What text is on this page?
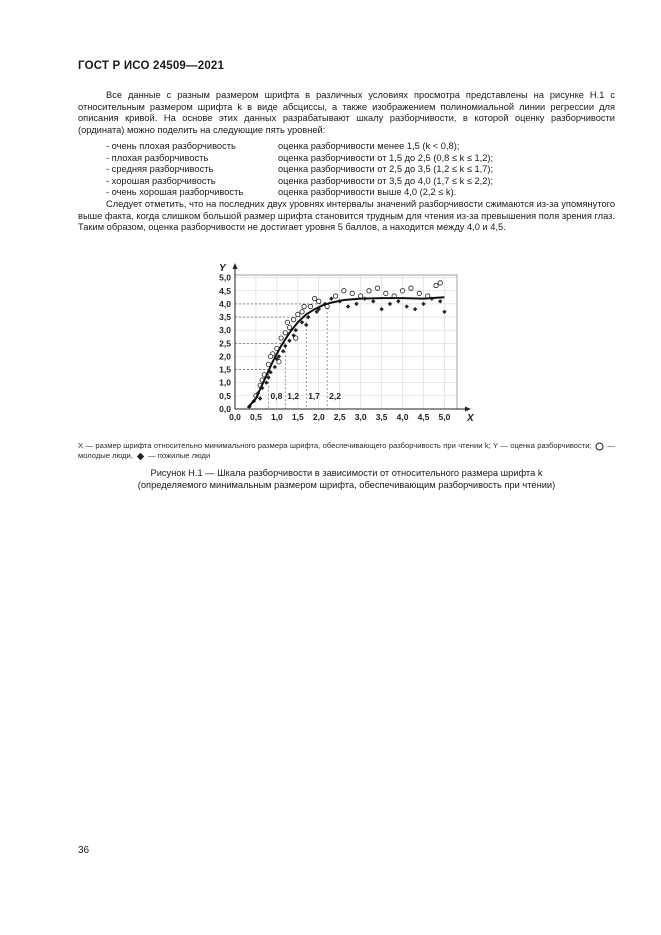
ГОСТ Р ИСО 24509—2021
Все данные с разным размером шрифта в различных условиях просмотра представлены на рисунке Н.1 с относительным размером шрифта k в виде абсциссы, а также изображением полиномиальной линии регрессии для описания кривой. На основе этих данных разрабатывают шкалу разборчивости, в которой оценку разборчивости (ордината) можно поделить на следующие пять уровней:
- очень плохая разборчивость	оценка разборчивости менее 1,5 (k < 0,8);
- плохая разборчивость	оценка разборчивости от 1,5 до 2,5 (0,8 ≤ k ≤ 1,2);
- средняя разборчивость	оценка разборчивости от 2,5 до 3,5 (1,2 ≤ k ≤ 1,7);
- хорошая разборчивость	оценка разборчивости от 3,5 до 4,0 (1,7 ≤ k ≤ 2,2);
- очень хорошая разборчивость	оценка разборчивости выше 4,0 (2,2 ≤ k).
Следует отметить, что на последних двух уровнях интервалы значений разборчивости сжимаются из-за упомянутого выше факта, когда слишком большой размер шрифта становится трудным для чтения из-за превышения поля зрения глаз. Таким образом, оценка разборчивости не достигает уровня 5 баллов, а находится между 4,0 и 4,5.
0,8 1,2 1,7 2,2
0,0 0,5 1,0 1,5 2,0 2,5 3,0 3,5 4,0 4,5 5,0
0,0
0,5
1,0
1,5
2,0
2,5
3,0
3,5
4,0
4,5
5,0
X
Y
X — размер шрифта относительно минимального размера шрифта, обеспечивающего разборчивость при чтении k; Y — оценка разборчивости; — молодые люди, — пожилые люди
Рисунок Н.1 — Шкала разборчивости в зависимости от относительного размера шрифта k
(определяемого минимальным размером шрифта, обеспечивающим разборчивость при чтении)
36
